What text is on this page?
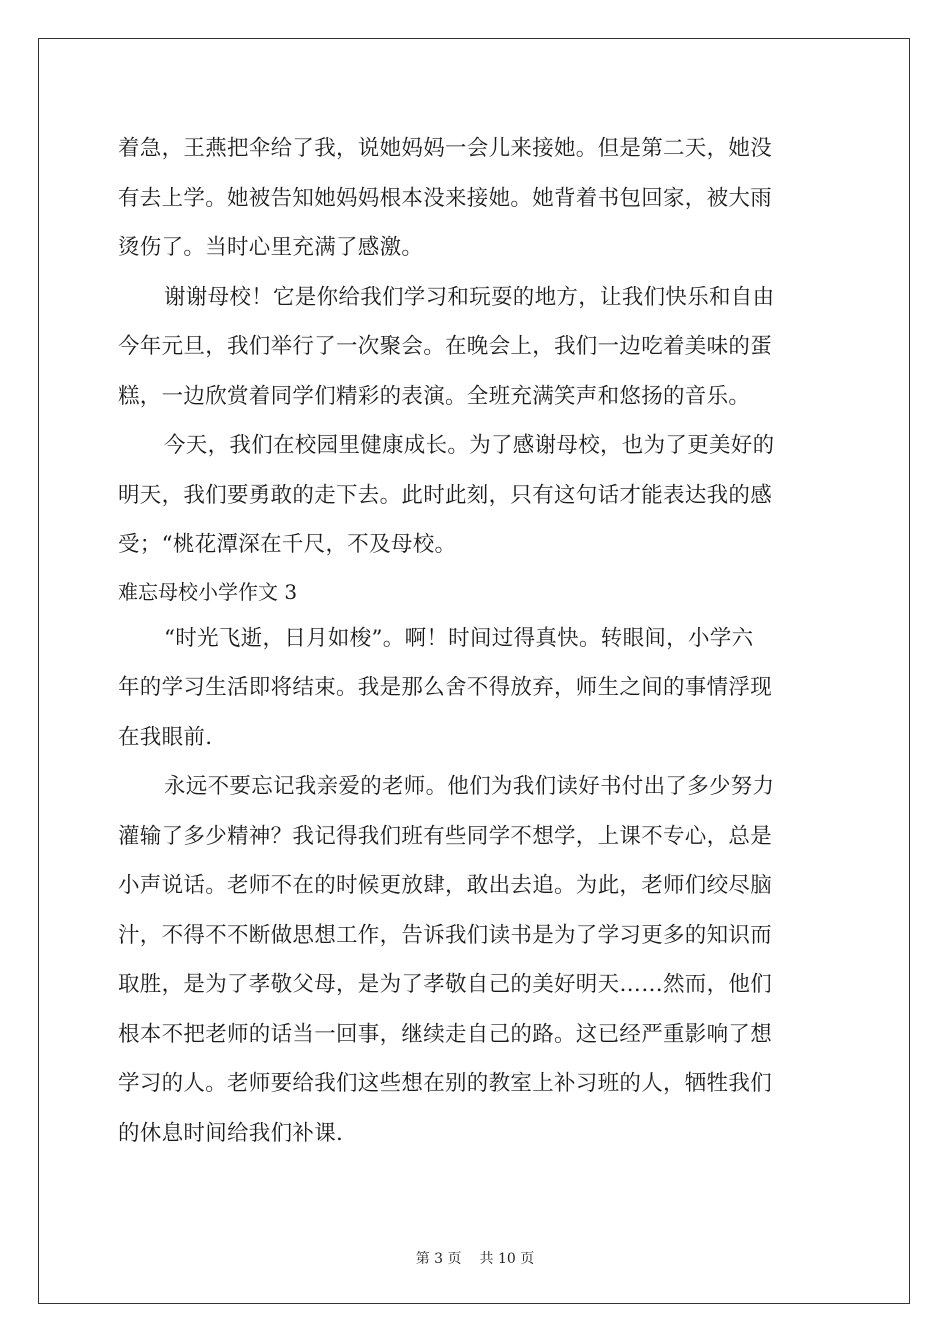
着急，王燕把伞给了我，说她妈妈一会儿来接她。但是第二天，她没
有去上学。她被告知她妈妈根本没来接她。她背着书包回家，被大雨
烫伤了。当时心里充满了感激。
谢谢母校！它是你给我们学习和玩耍的地方，让我们快乐和自由
今年元旦，我们举行了一次聚会。在晚会上，我们一边吃着美味的蛋
糕，一边欣赏着同学们精彩的表演。全班充满笑声和悠扬的音乐。
今天，我们在校园里健康成长。为了感谢母校，也为了更美好的
明天，我们要勇敢的走下去。此时此刻，只有这句话才能表达我的感
受；“桃花潭深在千尺，不及母校。
难忘母校小学作文 3
“时光飞逝，日月如梭”。啊！时间过得真快。转眼间，小学六
年的学习生活即将结束。我是那么舍不得放弃，师生之间的事情浮现
在我眼前.
永远不要忘记我亲爱的老师。他们为我们读好书付出了多少努力
灌输了多少精神？我记得我们班有些同学不想学，上课不专心，总是
小声说话。老师不在的时候更放肆，敢出去追。为此，老师们绞尽脑
汁，不得不不断做思想工作，告诉我们读书是为了学习更多的知识而
取胜，是为了孝敬父母，是为了孝敬自己的美好明天……然而，他们
根本不把老师的话当一回事，继续走自己的路。这已经严重影响了想
学习的人。老师要给我们这些想在别的教室上补习班的人，牺牲我们
的休息时间给我们补课.
第 3 页 共 10 页
